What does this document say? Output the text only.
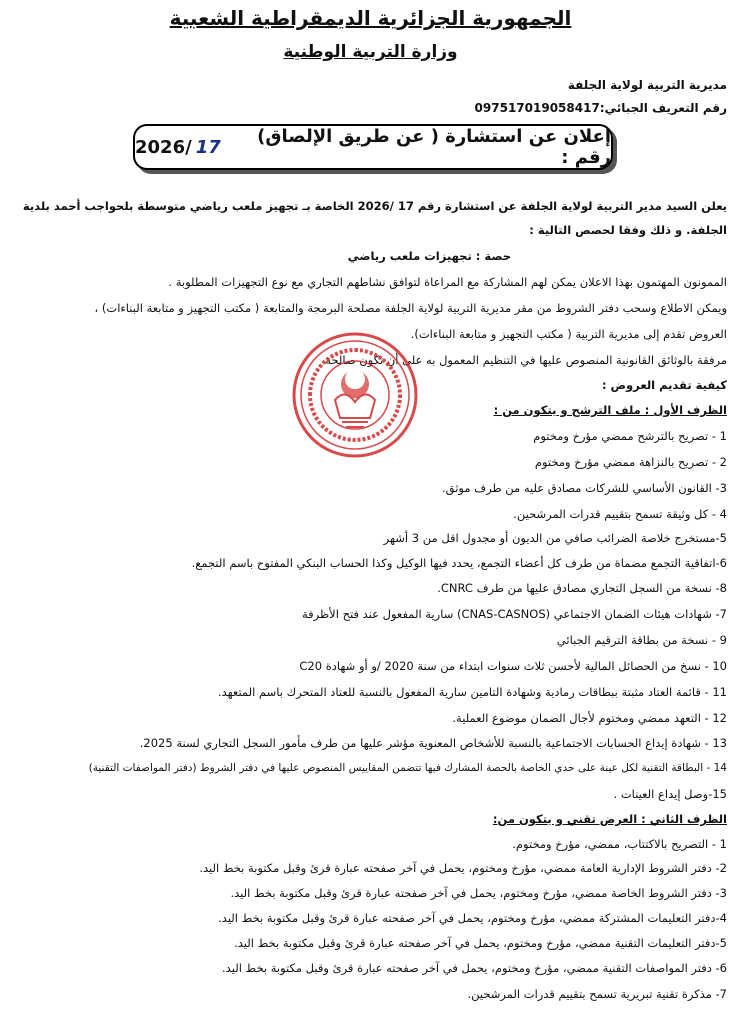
الجمهورية الجزائرية الديمقراطية الشعبية
وزارة التربية الوطنية
مديرية التربية لولاية الجلفة
رقم التعريف الجبائي:097517019058417
إعلان عن استشارة ( عن طريق الإلصاق) رقم :
17
/2026
يعلن السيد مدير التربية لولاية الجلفة عن استشارة رقم 17 /2026 الخاصة بـ تجهيز ملعب رياضي متوسطة بلحواجب أحمد بلدية
الجلفة. و ذلك وفقا لحصص التالية :
حصة : تجهيزات ملعب رياضي
الممونون المهتمون بهذا الاعلان يمكن لهم المشاركة مع المراعاة لتوافق نشاطهم التجاري مع نوع التجهيزات المطلوبة .
ويمكن الاطلاع وسحب دفتر الشروط من مقر مديرية التربية لولاية الجلفة مصلحة البرمجة والمتابعة ( مكتب التجهيز و متابعة البناءات) ،
العروض تقدم إلى مديرية التربية ( مكتب التجهيز و متابعة البناءات).
مرفقة بالوثائق القانونية المنصوص عليها في التنظيم المعمول به على أن تكون صالحة
كيفية تقديم العروض :
الظرف الأول : ملف الترشح و يتكون من :
1 - تصريح بالترشح ممضي مؤرخ ومختوم
2 - تصريح بالنزاهة ممضي مؤرخ ومختوم
3- القانون الأساسي للشركات مصادق عليه من طرف موثق.
4 - كل وثيقة تسمح بتقييم قدرات المرشحين.
5-مستخرج خلاصة الضرائب صافي من الديون أو مجدول اقل من 3 أشهر
6-اتفاقية التجمع مضماة من طرف كل أعضاء التجمع، يحدد فيها الوكيل وكذا الحساب البنكي المفتوح باسم التجمع.
8- نسخة من السجل التجاري مصادق عليها من طرف CNRC.
7- شهادات هيئات الضمان الاجتماعي (CNAS-CASNOS) سارية المفعول عند فتح الأظرفة
9 - نسخة من بطاقة الترقيم الجبائي
10 - نسخ من الحصائل المالية لأحسن ثلاث سنوات ابتداء من سنة 2020 /و أو شهادة C20
11 - قائمة العتاد مثبتة ببطاقات رمادية وشهادة التامين سارية المفعول بالنسبة للعتاد المتحرك باسم المتعهد.
12 - التعهد ممضي ومختوم لأجال الضمان موضوع العملية.
13 - شهادة إيداع الحسابات الاجتماعية بالنسبة للأشخاص المعنوية مؤشر عليها من طرف مأمور السجل التجاري لسنة 2025.
14 - البطاقة التقنية لكل عينة على حدي الخاصة بالحصة المشارك فيها تتضمن المقاييس المنصوص عليها في دفتر الشروط (دفتر المواصفات التقنية)
15-وصل إيداع العينات .
الظرف الثاني : العرض تقني و يتكون من:
1 - التصريح بالاكتتاب، ممضي، مؤرخ ومختوم.
2- دفتر الشروط الإدارية العامة ممضي، مؤرخ ومختوم، يحمل في آخر صفحته عبارة قرئ وقبل مكتوبة بخط اليد.
3- دفتر الشروط الخاصة ممضي، مؤرخ ومختوم، يحمل في آخر صفحته عبارة قرئ وقبل مكتوبة بخط اليد.
4-دفتر التعليمات المشتركة ممضي، مؤرخ ومختوم، يحمل في آخر صفحته عبارة قرئ وقبل مكتوبة بخط اليد.
5-دفتر التعليمات التقنية ممضي، مؤرخ ومختوم، يحمل في آخر صفحته عبارة قرئ وقبل مكتوبة بخط اليد.
6- دفتر المواصفات التقنية ممضي، مؤرخ ومختوم، يحمل في آخر صفحته عبارة قرئ وقبل مكتوبة بخط اليد.
7- مذكرة تقنية تبريرية تسمح بتقييم قدرات المرشحين.
